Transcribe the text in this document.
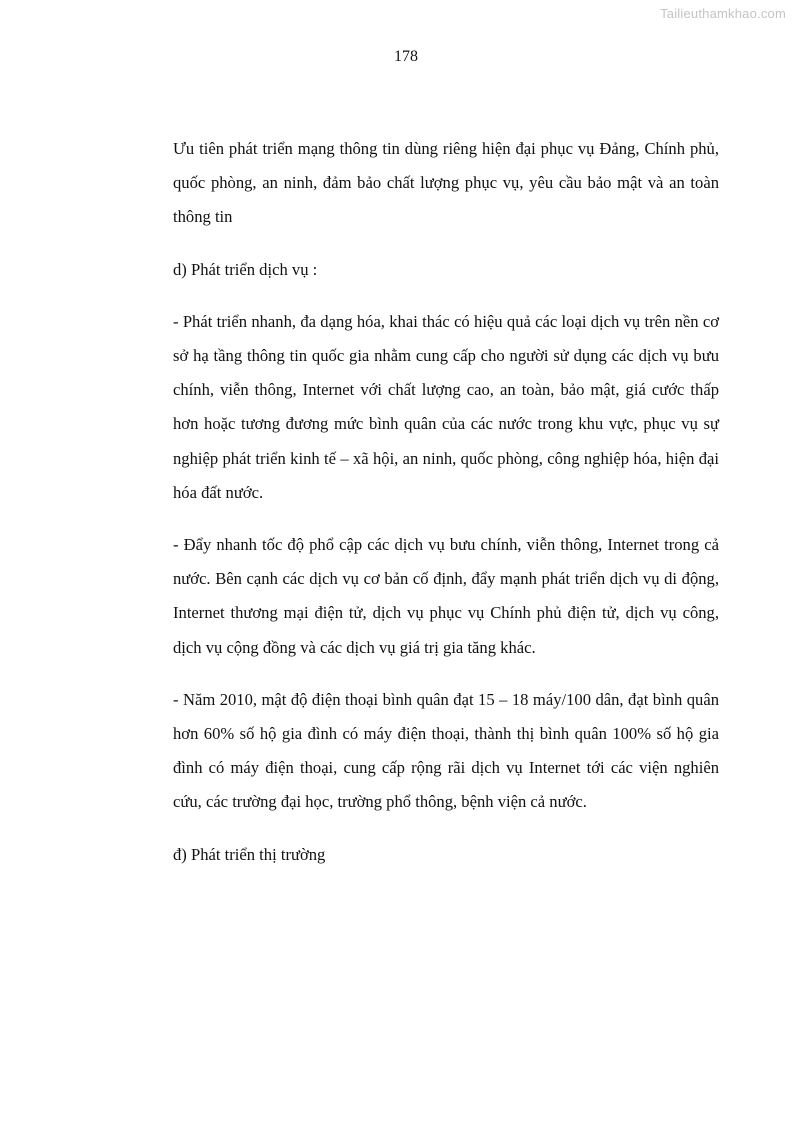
Tailieuthamkhao.com
178

Ưu tiên phát triển mạng thông tin dùng riêng hiện đại phục vụ Đảng, Chính phủ, quốc phòng, an ninh, đảm bảo chất lượng phục vụ, yêu cầu bảo mật và an toàn thông tin

d) Phát triển dịch vụ :

- Phát triển nhanh, đa dạng hóa, khai thác có hiệu quả các loại dịch vụ trên nền cơ sở hạ tầng thông tin quốc gia nhằm cung cấp cho người sử dụng các dịch vụ bưu chính, viễn thông, Internet với chất lượng cao, an toàn, bảo mật, giá cước thấp hơn hoặc tương đương mức bình quân của các nước trong khu vực, phục vụ sự nghiệp phát triển kinh tế – xã hội, an ninh, quốc phòng, công nghiệp hóa, hiện đại hóa đất nước.

- Đẩy nhanh tốc độ phổ cập các dịch vụ bưu chính, viễn thông, Internet trong cả nước. Bên cạnh các dịch vụ cơ bản cố định, đẩy mạnh phát triển dịch vụ di động, Internet thương mại điện tử, dịch vụ phục vụ Chính phủ điện tử, dịch vụ công, dịch vụ cộng đồng và các dịch vụ giá trị gia tăng khác.

- Năm 2010, mật độ điện thoại bình quân đạt 15 – 18 máy/100 dân, đạt bình quân hơn 60% số hộ gia đình có máy điện thoại, thành thị bình quân 100% số hộ gia đình có máy điện thoại, cung cấp rộng rãi dịch vụ Internet tới các viện nghiên cứu, các trường đại học, trường phổ thông, bệnh viện cả nước.

đ) Phát triển thị trường
